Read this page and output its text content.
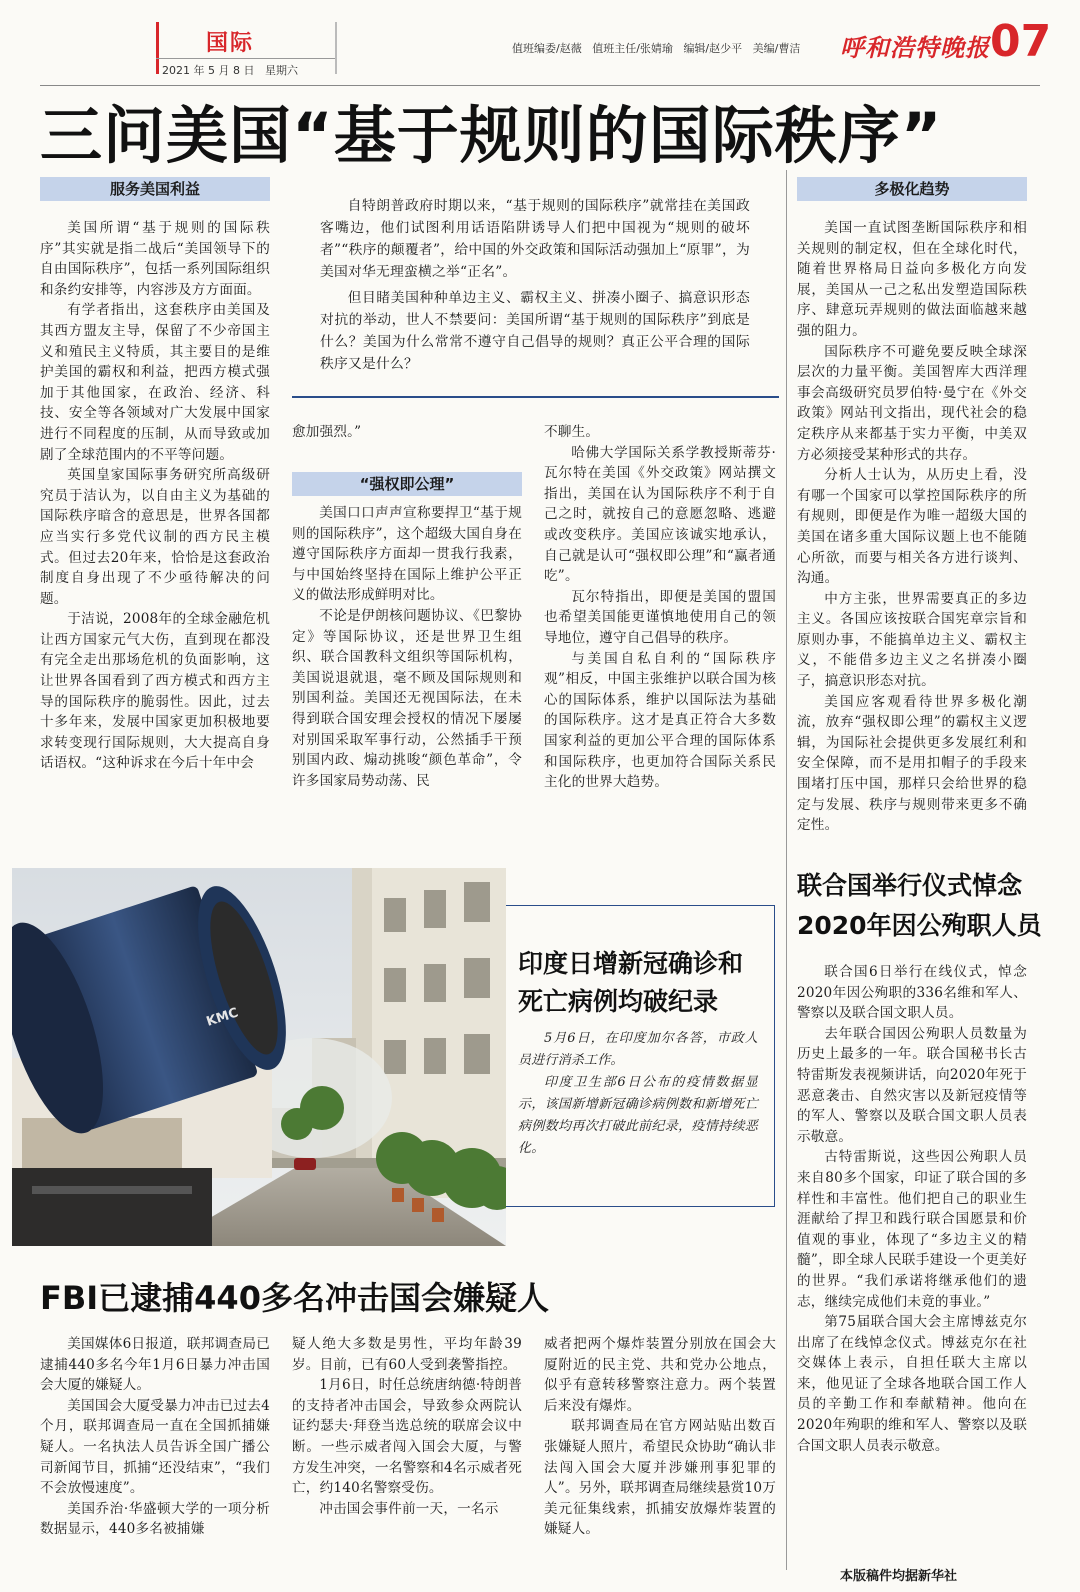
国际
2021 年 5 月 8 日 星期六
值班编委/赵薇 值班主任/张婧瑜 编辑/赵少平 美编/曹洁	呼和浩特晚报 07
三问美国“基于规则的国际秩序”
服务美国利益	多极化趋势

自特朗普政府时期以来，“基于规则的国际秩序”就常挂在美国政客嘴边，他们试图利用话语陷阱诱导人们把中国视为“规则的破坏者”“秩序的颠覆者”，给中国的外交政策和国际活动强加上“原罪”，为美国对华无理蛮横之举“正名”。

但目睹美国种种单边主义、霸权主义、拼凑小圈子、搞意识形态对抗的举动，世人不禁要问：美国所谓“基于规则的国际秩序”到底是什么？美国为什么常常不遵守自己倡导的规则？真正公平合理的国际秩序又是什么？

美国所谓“基于规则的国际秩序”其实就是指二战后“美国领导下的自由国际秩序”，包括一系列国际组织和条约安排等，内容涉及方方面面。

有学者指出，这套秩序由美国及其西方盟友主导，保留了不少帝国主义和殖民主义特质，其主要目的是维护美国的霸权和利益，把西方模式强加于其他国家，在政治、经济、科技、安全等各领域对广大发展中国家进行不同程度的压制，从而导致或加剧了全球范围内的不平等问题。

英国皇家国际事务研究所高级研究员于洁认为，以自由主义为基础的国际秩序暗含的意思是，世界各国都应当实行多党代议制的西方民主模式。但过去20年来，恰恰是这套政治制度自身出现了不少亟待解决的问题。

于洁说，2008年的全球金融危机让西方国家元气大伤，直到现在都没有完全走出那场危机的负面影响，这让世界各国看到了西方模式和西方主导的国际秩序的脆弱性。因此，过去十多年来，发展中国家更加积极地要求转变现行国际规则，大大提高自身话语权。“这种诉求在今后十年中会

愈加强烈。”

“强权即公理”

美国口口声声宣称要捍卫“基于规则的国际秩序”，这个超级大国自身在遵守国际秩序方面却一贯我行我素，与中国始终坚持在国际上维护公平正义的做法形成鲜明对比。

不论是伊朗核问题协议、《巴黎协定》等国际协议，还是世界卫生组织、联合国教科文组织等国际机构，美国说退就退，毫不顾及国际规则和别国利益。美国还无视国际法，在未得到联合国安理会授权的情况下屡屡对别国采取军事行动，公然插手干预别国内政、煽动挑唆“颜色革命”，令许多国家局势动荡、民

不聊生。

哈佛大学国际关系学教授斯蒂芬·瓦尔特在美国《外交政策》网站撰文指出，美国在认为国际秩序不利于自己之时，就按自己的意愿忽略、逃避或改变秩序。美国应该诚实地承认，自己就是认可“强权即公理”和“赢者通吃”。

瓦尔特指出，即便是美国的盟国也希望美国能更谨慎地使用自己的领导地位，遵守自己倡导的秩序。

与美国自私自利的“国际秩序观”相反，中国主张维护以联合国为核心的国际体系，维护以国际法为基础的国际秩序。这才是真正符合大多数国家利益的更加公平合理的国际体系和国际秩序，也更加符合国际关系民主化的世界大趋势。

美国一直试图垄断国际秩序和相关规则的制定权，但在全球化时代，随着世界格局日益向多极化方向发展，美国从一己之私出发塑造国际秩序、肆意玩弄规则的做法面临越来越强的阻力。

国际秩序不可避免要反映全球深层次的力量平衡。美国智库大西洋理事会高级研究员罗伯特·曼宁在《外交政策》网站刊文指出，现代社会的稳定秩序从来都基于实力平衡，中美双方必须接受某种形式的共存。

分析人士认为，从历史上看，没有哪一个国家可以掌控国际秩序的所有规则，即便是作为唯一超级大国的美国在诸多重大国际议题上也不能随心所欲，而要与相关各方进行谈判、沟通。

中方主张，世界需要真正的多边主义。各国应该按联合国宪章宗旨和原则办事，不能搞单边主义、霸权主义，不能借多边主义之名拼凑小圈子，搞意识形态对抗。

美国应客观看待世界多极化潮流，放弃“强权即公理”的霸权主义逻辑，为国际社会提供更多发展红利和安全保障，而不是用扣帽子的手段来围堵打压中国，那样只会给世界的稳定与发展、秩序与规则带来更多不确定性。

KMC
印度日增新冠确诊和死亡病例均破纪录

5月6日，在印度加尔各答，市政人员进行消杀工作。

印度卫生部6日公布的疫情数据显示，该国新增新冠确诊病例数和新增死亡病例数均再次打破此前纪录，疫情持续恶化。

联合国举行仪式悼念
2020年因公殉职人员

联合国6日举行在线仪式，悼念2020年因公殉职的336名维和军人、警察以及联合国文职人员。

去年联合国因公殉职人员数量为历史上最多的一年。联合国秘书长古特雷斯发表视频讲话，向2020年死于恶意袭击、自然灾害以及新冠疫情等的军人、警察以及联合国文职人员表示敬意。

古特雷斯说，这些因公殉职人员来自80多个国家，印证了联合国的多样性和丰富性。他们把自己的职业生涯献给了捍卫和践行联合国愿景和价值观的事业，体现了“多边主义的精髓”，即全球人民联手建设一个更美好的世界。“我们承诺将继承他们的遗志，继续完成他们未竟的事业。”

第75届联合国大会主席博兹克尔出席了在线悼念仪式。博兹克尔在社交媒体上表示，自担任联大主席以来，他见证了全球各地联合国工作人员的辛勤工作和奉献精神。他向在2020年殉职的维和军人、警察以及联合国文职人员表示敬意。

本版稿件均据新华社
FBI已逮捕440多名冲击国会嫌疑人

美国媒体6日报道，联邦调查局已逮捕440多名今年1月6日暴力冲击国会大厦的嫌疑人。

美国国会大厦受暴力冲击已过去4个月，联邦调查局一直在全国抓捕嫌疑人。一名执法人员告诉全国广播公司新闻节目，抓捕“还没结束”，“我们不会放慢速度”。

美国乔治·华盛顿大学的一项分析数据显示，440多名被捕嫌

疑人绝大多数是男性，平均年龄39岁。目前，已有60人受到袭警指控。

1月6日，时任总统唐纳德·特朗普的支持者冲击国会，导致参众两院认证约瑟夫·拜登当选总统的联席会议中断。一些示威者闯入国会大厦，与警方发生冲突，一名警察和4名示威者死亡，约140名警察受伤。

冲击国会事件前一天，一名示

威者把两个爆炸装置分别放在国会大厦附近的民主党、共和党办公地点，似乎有意转移警察注意力。两个装置后来没有爆炸。

联邦调查局在官方网站贴出数百张嫌疑人照片，希望民众协助“确认非法闯入国会大厦并涉嫌刑事犯罪的人”。另外，联邦调查局继续悬赏10万美元征集线索，抓捕安放爆炸装置的嫌疑人。
